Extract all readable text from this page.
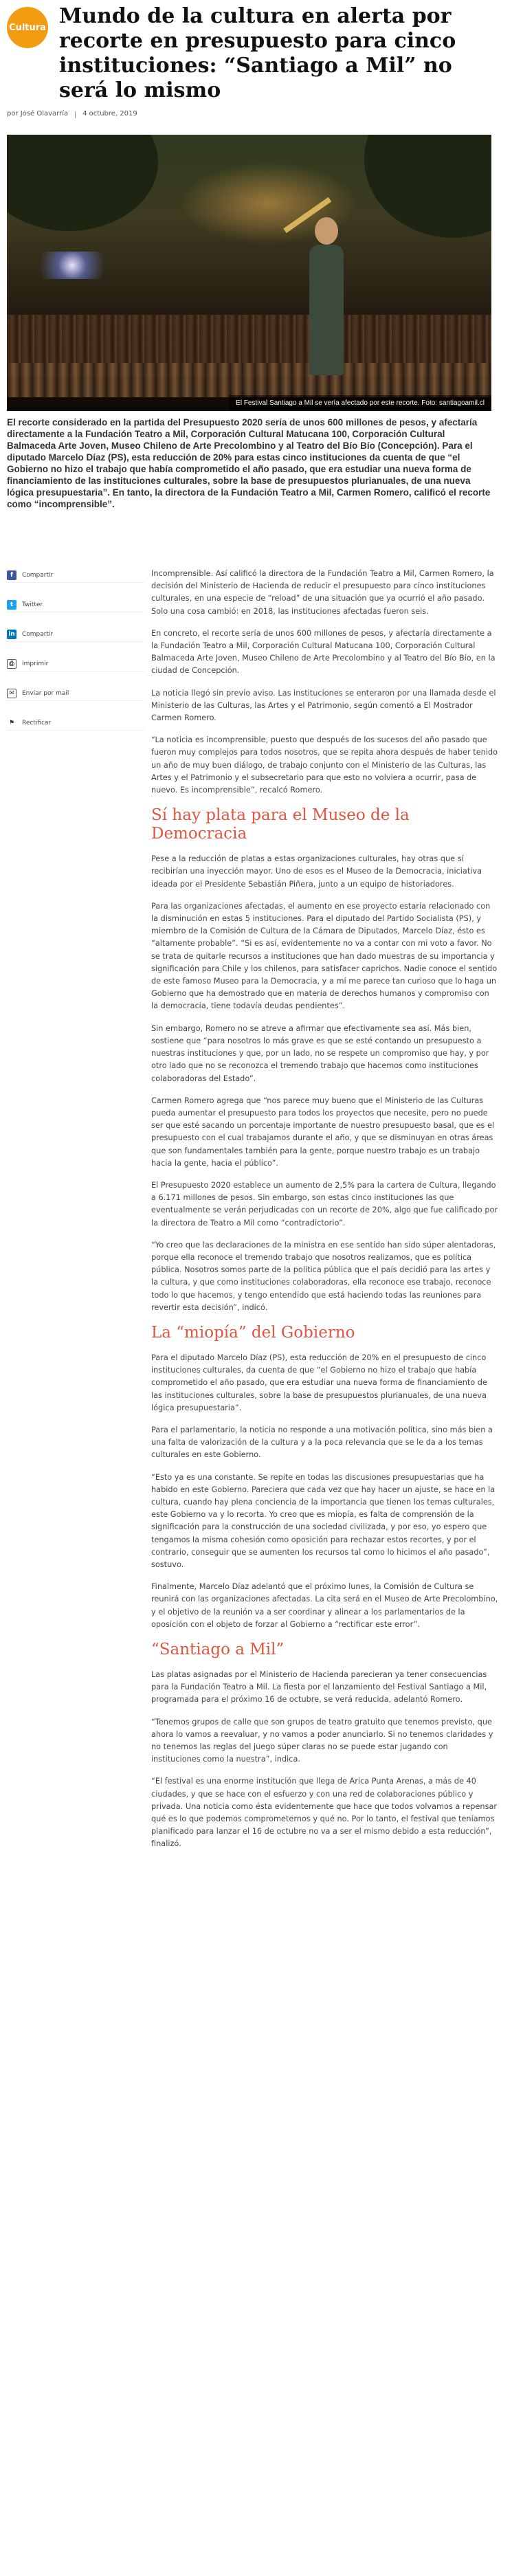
Cultura Mundo de la cultura en alerta por recorte en presupuesto para cinco instituciones: “Santiago a Mil” no será lo mismo
por José Olavarría 4 octubre, 2019
El Festival Santiago a Mil se vería afectado por este recorte. Foto: santiagoamil.cl

El recorte considerado en la partida del Presupuesto 2020 sería de unos 600 millones de pesos, y afectaría directamente a la Fundación Teatro a Mil, Corporación Cultural Matucana 100, Corporación Cultural Balmaceda Arte Joven, Museo Chileno de Arte Precolombino y al Teatro del Bío Bío (Concepción). Para el diputado Marcelo Díaz (PS), esta reducción de 20% para estas cinco instituciones da cuenta de que “el Gobierno no hizo el trabajo que había comprometido el año pasado, que era estudiar una nueva forma de financiamiento de las instituciones culturales, sobre la base de presupuestos plurianuales, de una nueva lógica presupuestaria”. En tanto, la directora de la Fundación Teatro a Mil, Carmen Romero, calificó el recorte como “incomprensible”.

f	Compartir
t	Twitter
in Compartir
⎙	Imprimir
✉	Enviar por mail
⚑	Rectificar

Incomprensible. Así calificó la directora de la Fundación Teatro a Mil, Carmen Romero, la decisión del Ministerio de Hacienda de reducir el presupuesto para cinco instituciones culturales, en una especie de “reload” de una situación que ya ocurrió el año pasado. Solo una cosa cambió: en 2018, las instituciones afectadas fueron seis.

En concreto, el recorte sería de unos 600 millones de pesos, y afectaría directamente a la Fundación Teatro a Mil, Corporación Cultural Matucana 100, Corporación Cultural Balmaceda Arte Joven, Museo Chileno de Arte Precolombino y al Teatro del Bío Bío, en la ciudad de Concepción.

La noticia llegó sin previo aviso. Las instituciones se enteraron por una llamada desde el Ministerio de las Culturas, las Artes y el Patrimonio, según comentó a El Mostrador Carmen Romero.

“La noticia es incomprensible, puesto que después de los sucesos del año pasado que fueron muy complejos para todos nosotros, que se repita ahora después de haber tenido un año de muy buen diálogo, de trabajo conjunto con el Ministerio de las Culturas, las Artes y el Patrimonio y el subsecretario para que esto no volviera a ocurrir, pasa de nuevo. Es incomprensible”, recalcó Romero.

Sí hay plata para el Museo de la Democracia

Pese a la reducción de platas a estas organizaciones culturales, hay otras que sí recibirían una inyección mayor. Uno de esos es el Museo de la Democracia, iniciativa ideada por el Presidente Sebastián Piñera, junto a un equipo de historiadores.

Para las organizaciones afectadas, el aumento en ese proyecto estaría relacionado con la disminución en estas 5 instituciones. Para el diputado del Partido Socialista (PS), y miembro de la Comisión de Cultura de la Cámara de Diputados, Marcelo Díaz, ésto es “altamente probable”. “Si es así, evidentemente no va a contar con mi voto a favor. No se trata de quitarle recursos a instituciones que han dado muestras de su importancia y significación para Chile y los chilenos, para satisfacer caprichos. Nadie conoce el sentido de este famoso Museo para la Democracia, y a mí me parece tan curioso que lo haga un Gobierno que ha demostrado que en materia de derechos humanos y compromiso con la democracia, tiene todavía deudas pendientes”.

Sin embargo, Romero no se atreve a afirmar que efectivamente sea así. Más bien, sostiene que “para nosotros lo más grave es que se esté contando un presupuesto a nuestras instituciones y que, por un lado, no se respete un compromiso que hay, y por otro lado que no se reconozca el tremendo trabajo que hacemos como instituciones colaboradoras del Estado”.

Carmen Romero agrega que “nos parece muy bueno que el Ministerio de las Culturas pueda aumentar el presupuesto para todos los proyectos que necesite, pero no puede ser que esté sacando un porcentaje importante de nuestro presupuesto basal, que es el presupuesto con el cual trabajamos durante el año, y que se disminuyan en otras áreas que son fundamentales también para la gente, porque nuestro trabajo es un trabajo hacia la gente, hacia el público”.

El Presupuesto 2020 establece un aumento de 2,5% para la cartera de Cultura, llegando a 6.171 millones de pesos. Sin embargo, son estas cinco instituciones las que eventualmente se verán perjudicadas con un recorte de 20%, algo que fue calificado por la directora de Teatro a Mil como “contradictorio”.

“Yo creo que las declaraciones de la ministra en ese sentido han sido súper alentadoras, porque ella reconoce el tremendo trabajo que nosotros realizamos, que es política pública. Nosotros somos parte de la política pública que el país decidió para las artes y la cultura, y que como instituciones colaboradoras, ella reconoce ese trabajo, reconoce todo lo que hacemos, y tengo entendido que está haciendo todas las reuniones para revertir esta decisión”, indicó.

La “miopía” del Gobierno

Para el diputado Marcelo Díaz (PS), esta reducción de 20% en el presupuesto de cinco instituciones culturales, da cuenta de que “el Gobierno no hizo el trabajo que había comprometido el año pasado, que era estudiar una nueva forma de financiamiento de las instituciones culturales, sobre la base de presupuestos plurianuales, de una nueva lógica presupuestaria”.

Para el parlamentario, la noticia no responde a una motivación política, sino más bien a una falta de valorización de la cultura y a la poca relevancia que se le da a los temas culturales en este Gobierno.

“Esto ya es una constante. Se repite en todas las discusiones presupuestarias que ha habido en este Gobierno. Pareciera que cada vez que hay hacer un ajuste, se hace en la cultura, cuando hay plena conciencia de la importancia que tienen los temas culturales, este Gobierno va y lo recorta. Yo creo que es miopía, es falta de comprensión de la significación para la construcción de una sociedad civilizada, y por eso, yo espero que tengamos la misma cohesión como oposición para rechazar estos recortes, y por el contrario, conseguir que se aumenten los recursos tal como lo hicimos el año pasado”, sostuvo.

Finalmente, Marcelo Díaz adelantó que el próximo lunes, la Comisión de Cultura se reunirá con las organizaciones afectadas. La cita será en el Museo de Arte Precolombino, y el objetivo de la reunión va a ser coordinar y alinear a los parlamentarios de la oposición con el objeto de forzar al Gobierno a “rectificar este error”.

“Santiago a Mil”

Las platas asignadas por el Ministerio de Hacienda parecieran ya tener consecuencias para la Fundación Teatro a Mil. La fiesta por el lanzamiento del Festival Santiago a Mil, programada para el próximo 16 de octubre, se verá reducida, adelantó Romero.

“Tenemos grupos de calle que son grupos de teatro gratuito que tenemos previsto, que ahora lo vamos a reevaluar, y no vamos a poder anunciarlo. Si no tenemos claridades y no tenemos las reglas del juego súper claras no se puede estar jugando con instituciones como la nuestra”, indica.

“El festival es una enorme institución que llega de Arica Punta Arenas, a más de 40 ciudades, y que se hace con el esfuerzo y con una red de colaboraciones público y privada. Una noticia como ésta evidentemente que hace que todos volvamos a repensar qué es lo que podemos comprometernos y qué no. Por lo tanto, el festival que teníamos planificado para lanzar el 16 de octubre no va a ser el mismo debido a esta reducción”, finalizó.
